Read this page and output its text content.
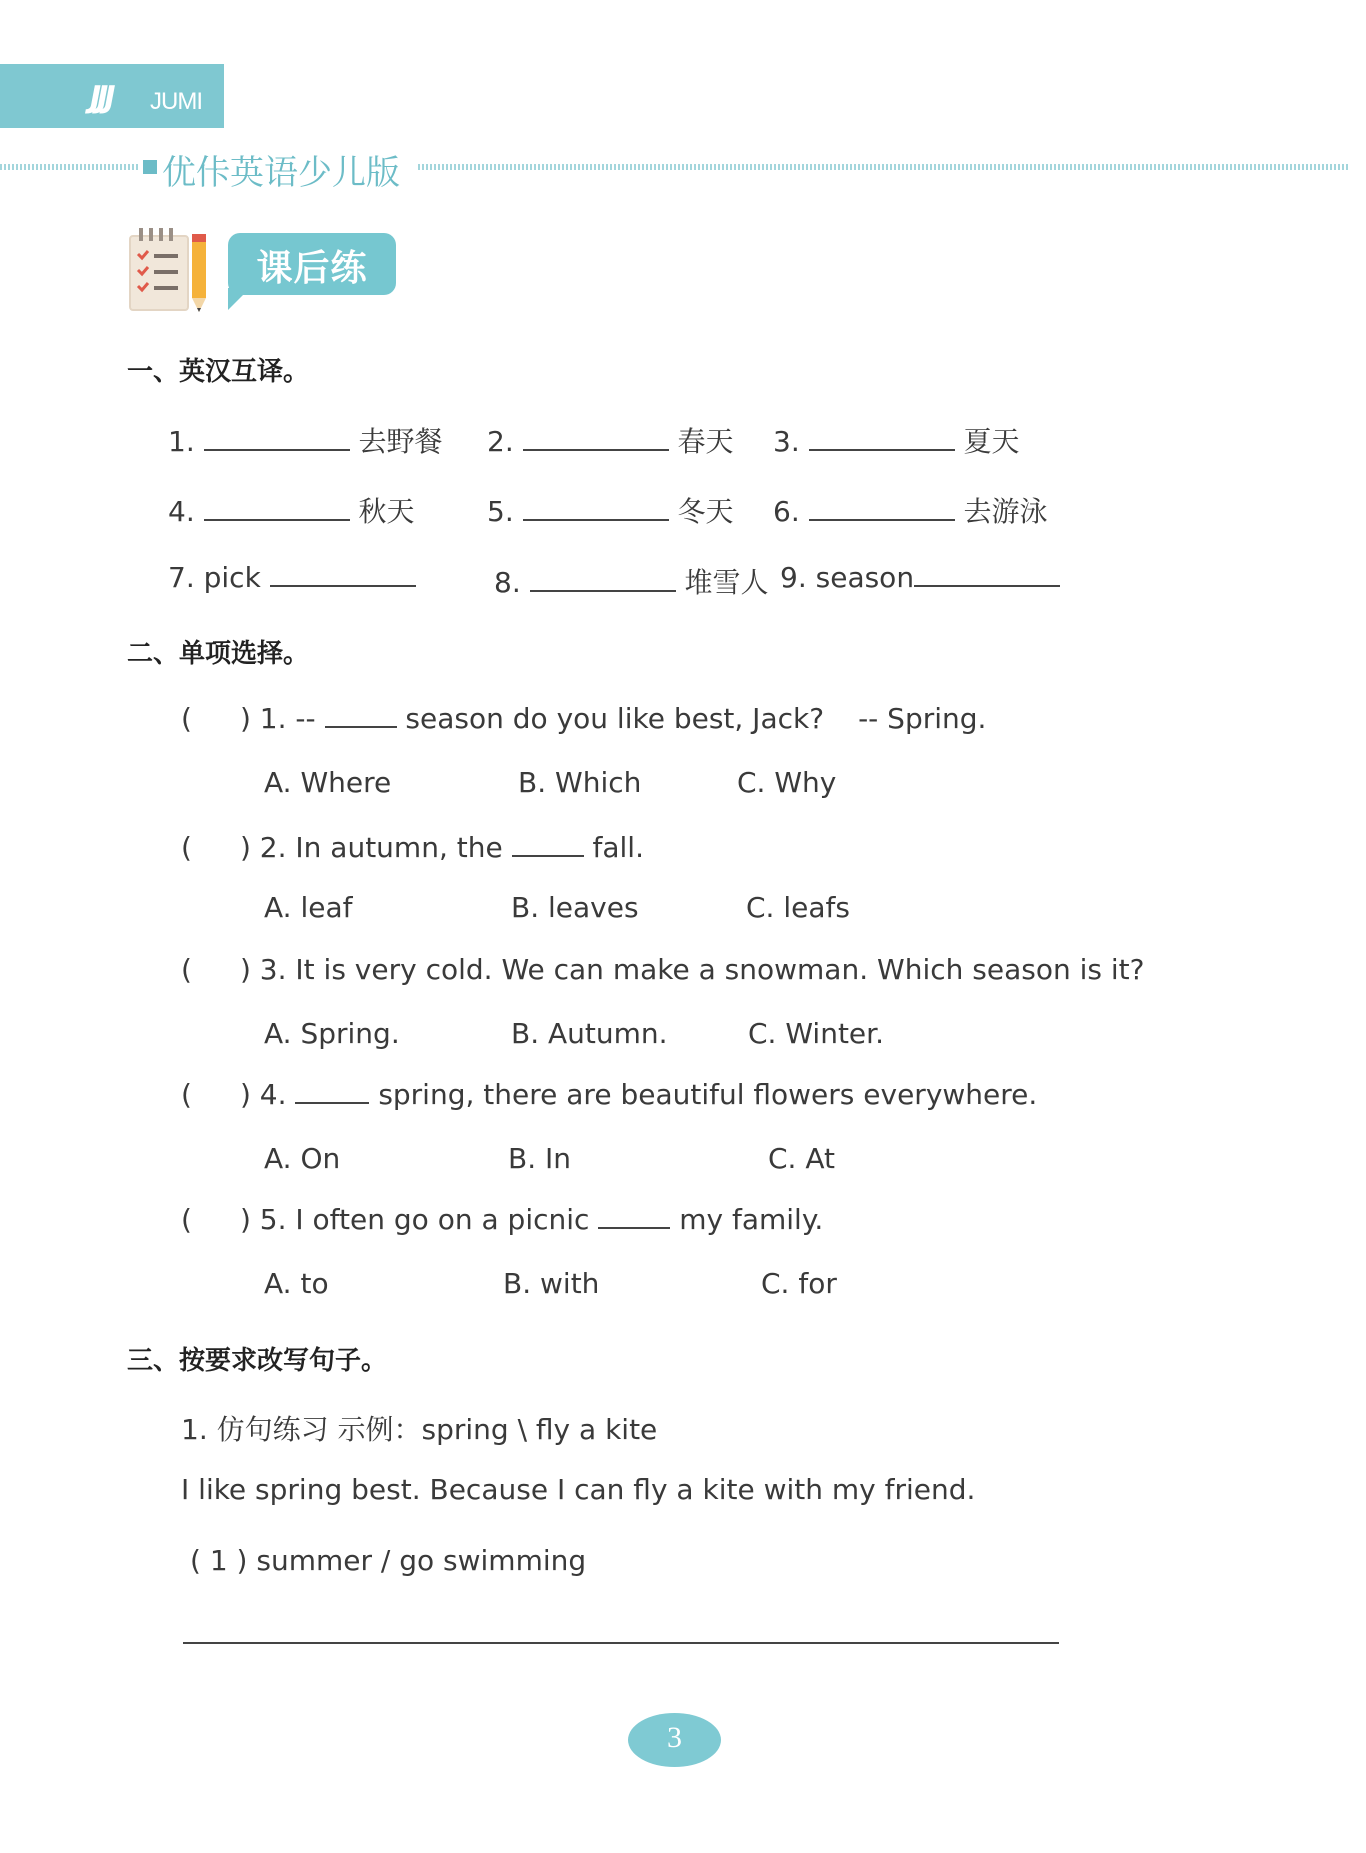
JJJ JUMI
优佧英语少儿版
课后练
一、英汉互译。
1.	去野餐 2.	春天 3.	夏天
4.	秋天	5.	冬天 6.	去游泳
7. pick	8.	堆雪人 9. season
二、单项选择。
( ) 1. --	season do you like best, Jack? -- Spring.
A. Where	B. Which	C. Why
( ) 2. In autumn, the	fall.
A. leaf	B. leaves	C. leafs
( ) 3. It is very cold. We can make a snowman. Which season is it?
A. Spring.	B. Autumn.	C. Winter.
( ) 4.	spring, there are beautiful flowers everywhere.
A. On	B. In	C. At
( ) 5. I often go on a picnic	my family.
A. to	B. with	C. for
三、按要求改写句子。
1. 仿句练习 示例：spring \ fly a kite
I like spring best. Because I can fly a kite with my friend.
( 1 ) summer / go swimming
3
